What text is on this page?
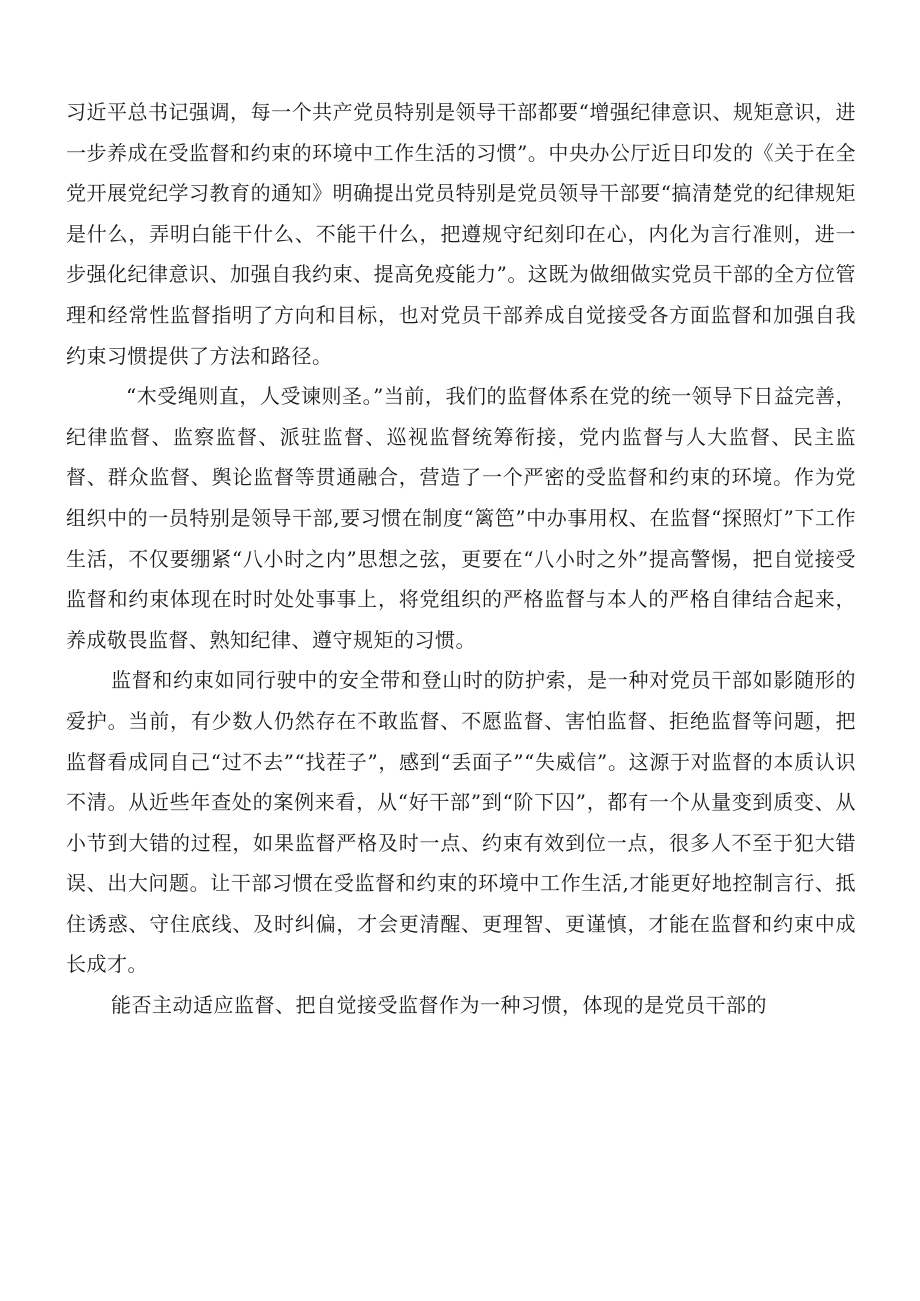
习近平总书记强调，每一个共产党员特别是领导干部都要“增强纪律意识、规矩意识，进一步养成在受监督和约束的环境中工作生活的习惯”。中央办公厅近日印发的《关于在全党开展党纪学习教育的通知》明确提出党员特别是党员领导干部要“搞清楚党的纪律规矩是什么，弄明白能干什么、不能干什么，把遵规守纪刻印在心，内化为言行准则，进一步强化纪律意识、加强自我约束、提高免疫能力”。这既为做细做实党员干部的全方位管理和经常性监督指明了方向和目标，也对党员干部养成自觉接受各方面监督和加强自我约束习惯提供了方法和路径。

“木受绳则直，人受谏则圣。”当前，我们的监督体系在党的统一领导下日益完善，纪律监督、监察监督、派驻监督、巡视监督统筹衔接，党内监督与人大监督、民主监督、群众监督、舆论监督等贯通融合，营造了一个严密的受监督和约束的环境。作为党组织中的一员特别是领导干部,要习惯在制度“篱笆”中办事用权、在监督“探照灯”下工作生活，不仅要绷紧“八小时之内”思想之弦，更要在“八小时之外”提高警惕，把自觉接受监督和约束体现在时时处处事事上，将党组织的严格监督与本人的严格自律结合起来，养成敬畏监督、熟知纪律、遵守规矩的习惯。

监督和约束如同行驶中的安全带和登山时的防护索，是一种对党员干部如影随形的爱护。当前，有少数人仍然存在不敢监督、不愿监督、害怕监督、拒绝监督等问题，把监督看成同自己“过不去”“找茬子”，感到“丢面子”“失威信”。这源于对监督的本质认识不清。从近些年查处的案例来看，从“好干部”到“阶下囚”，都有一个从量变到质变、从小节到大错的过程，如果监督严格及时一点、约束有效到位一点，很多人不至于犯大错误、出大问题。让干部习惯在受监督和约束的环境中工作生活,才能更好地控制言行、抵住诱惑、守住底线、及时纠偏，才会更清醒、更理智、更谨慎，才能在监督和约束中成长成才。

能否主动适应监督、把自觉接受监督作为一种习惯，体现的是党员干部的
